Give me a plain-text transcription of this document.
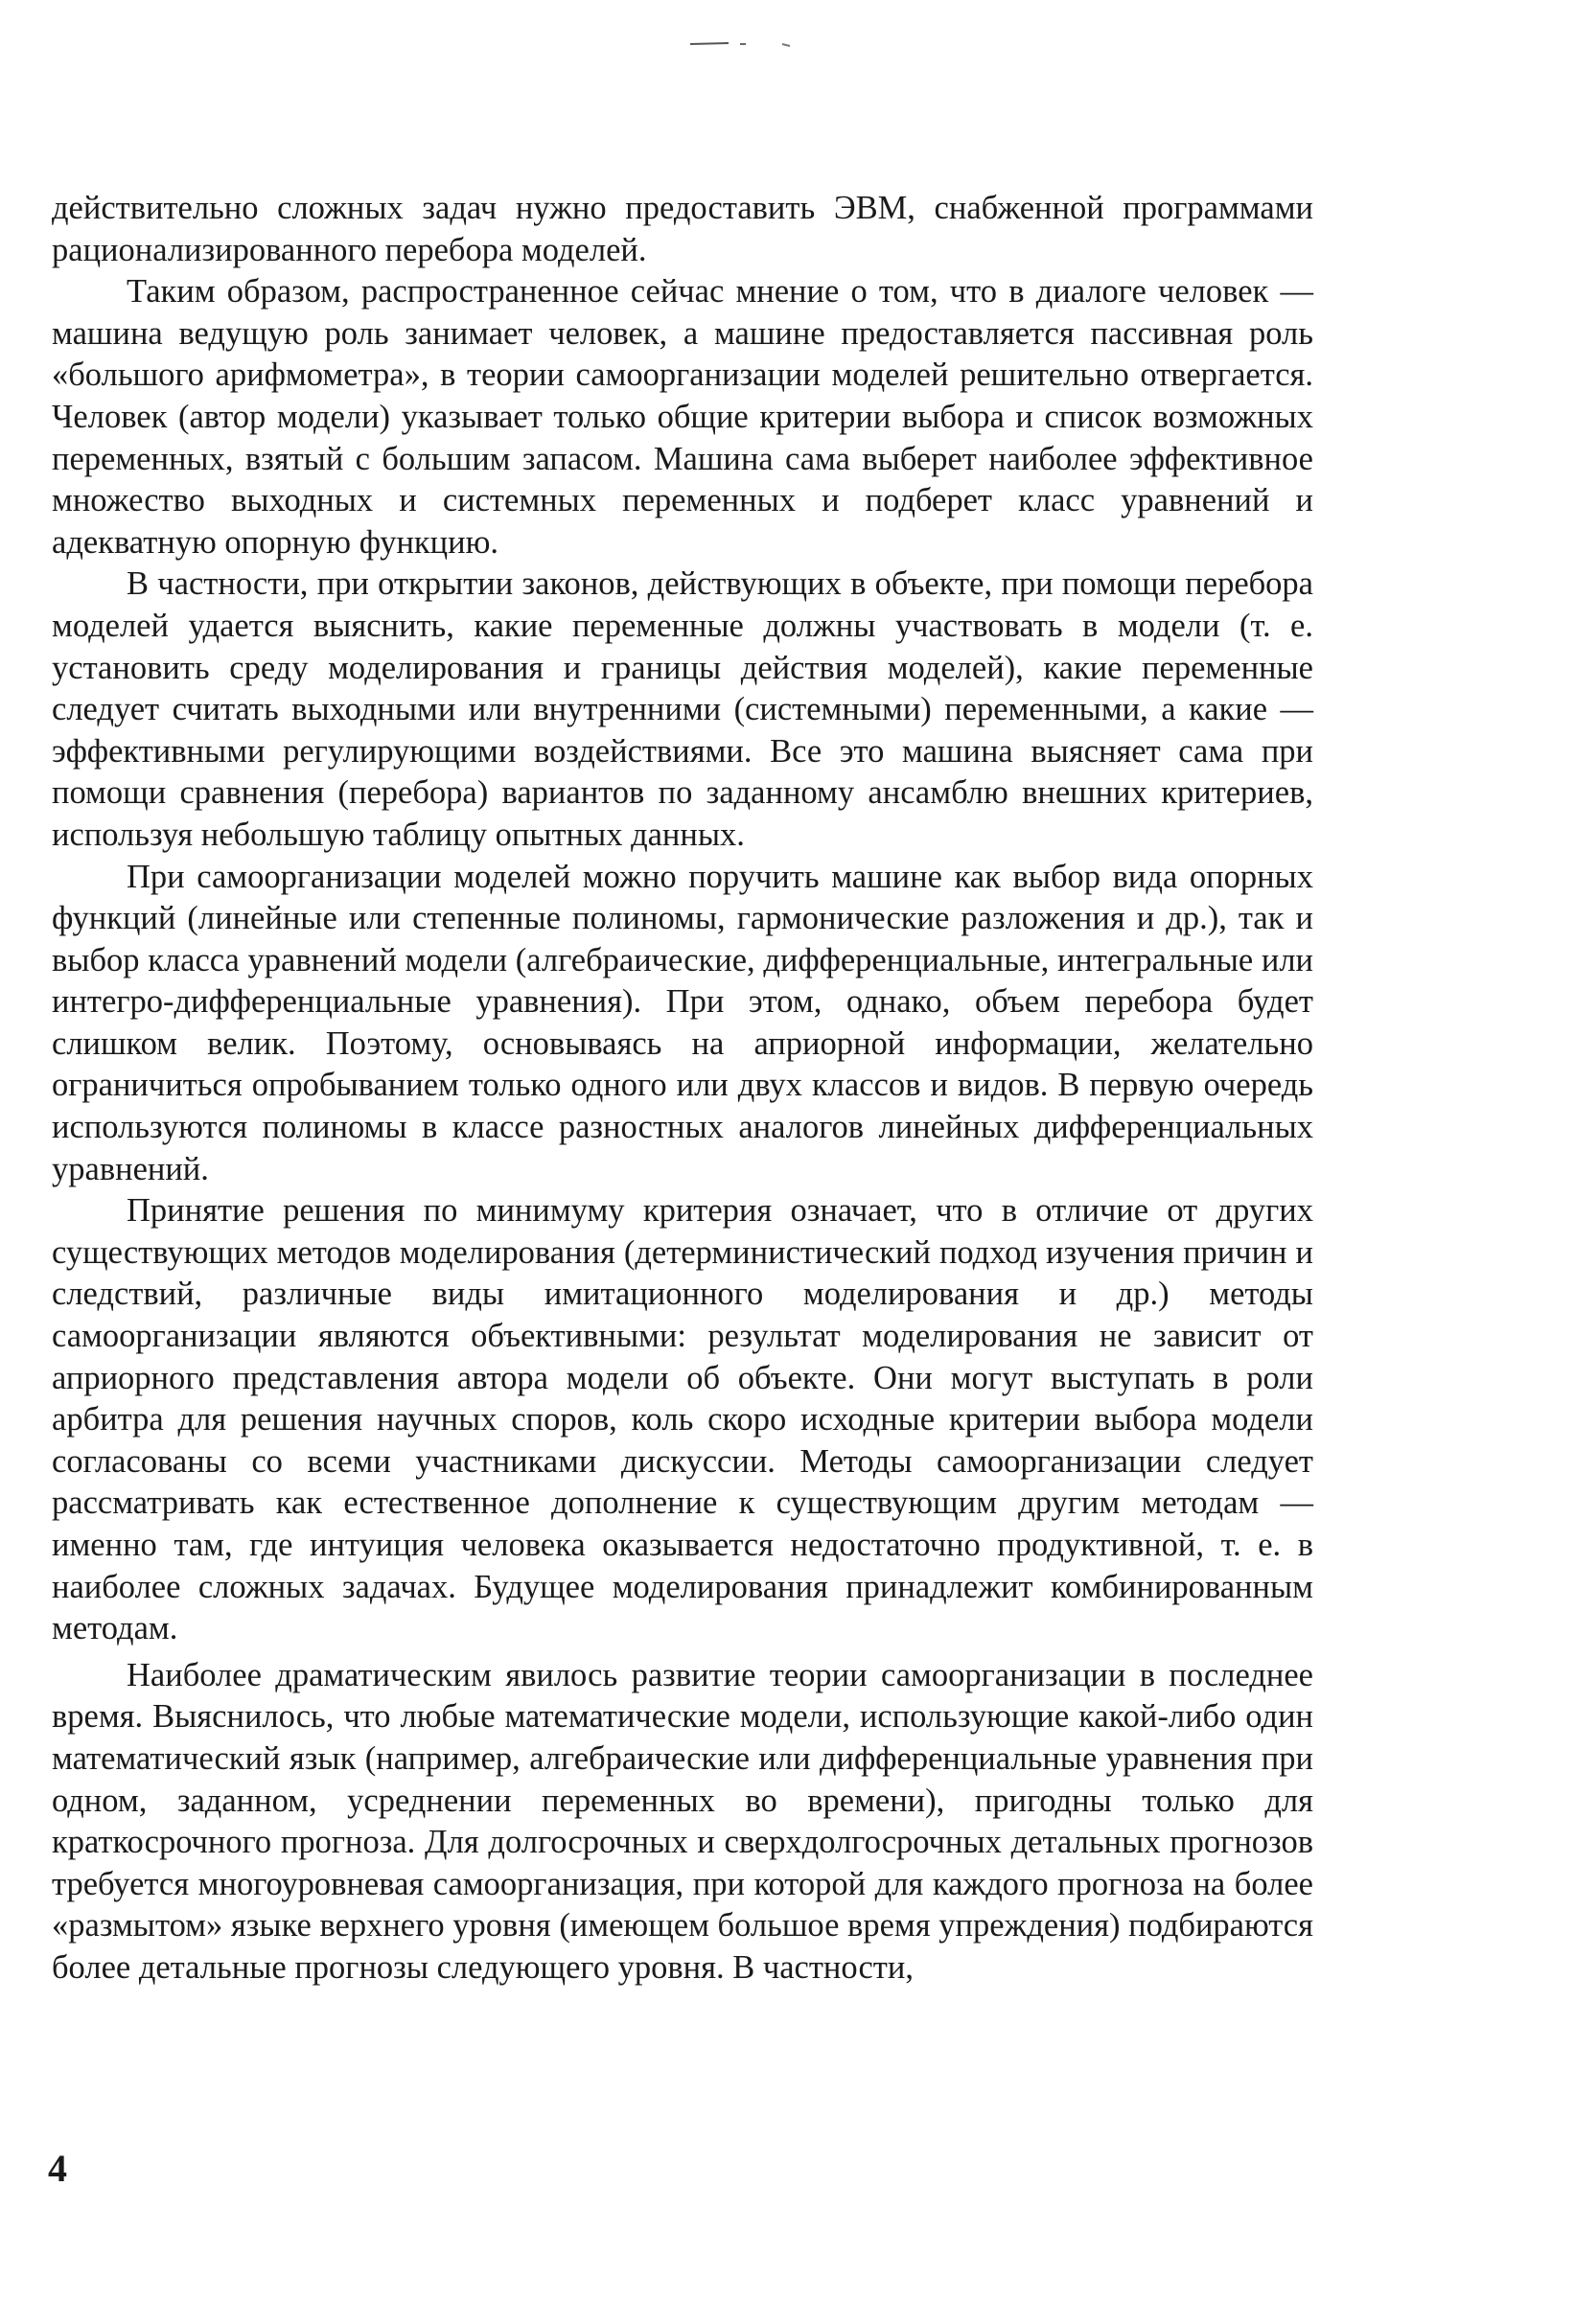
действительно сложных задач нужно предоставить ЭВМ, снабженной программами рационализированного перебора моделей.

Таким образом, распространенное сейчас мнение о том, что в диалоге человек — машина ведущую роль занимает человек, а машине предоставляется пассивная роль «большого арифмометра», в теории самоорганизации моделей решительно отвергается. Человек (автор модели) указывает только общие критерии выбора и список возможных переменных, взятый с большим запасом. Машина сама выберет наиболее эффективное множество выходных и системных переменных и подберет класс уравнений и адекватную опорную функцию.

В частности, при открытии законов, действующих в объекте, при помощи перебора моделей удается выяснить, какие переменные должны участвовать в модели (т. е. установить среду моделирования и границы действия моделей), какие переменные следует считать выходными или внутренними (системными) переменными, а какие — эффективными регулирующими воздействиями. Все это машина выясняет сама при помощи сравнения (перебора) вариантов по заданному ансамблю внешних критериев, используя небольшую таблицу опытных данных.

При самоорганизации моделей можно поручить машине как выбор вида опорных функций (линейные или степенные полиномы, гармонические разложения и др.), так и выбор класса уравнений модели (алгебраические, дифференциальные, интегральные или интегро-дифференциальные уравнения). При этом, однако, объем перебора будет слишком велик. Поэтому, основываясь на априорной информации, желательно ограничиться опробыванием только одного или двух классов и видов. В первую очередь используются полиномы в классе разностных аналогов линейных дифференциальных уравнений.

Принятие решения по минимуму критерия означает, что в отличие от других существующих методов моделирования (детерминистический подход изучения причин и следствий, различные виды имитационного моделирования и др.) методы самоорганизации являются объективными: результат моделирования не зависит от априорного представления автора модели об объекте. Они могут выступать в роли арбитра для решения научных споров, коль скоро исходные критерии выбора модели согласованы со всеми участниками дискуссии. Методы самоорганизации следует рассматривать как естественное дополнение к существующим другим методам — именно там, где интуиция человека оказывается недостаточно продуктивной, т. е. в наиболее сложных задачах. Будущее моделирования принадлежит комбинированным методам.

Наиболее драматическим явилось развитие теории самоорганизации в последнее время. Выяснилось, что любые математические модели, использующие какой-либо один математический язык (например, алгебраические или дифференциальные уравнения при одном, заданном, усреднении переменных во времени), пригодны только для краткосрочного прогноза. Для долгосрочных и сверхдолгосрочных детальных прогнозов требуется многоуровневая самоорганизация, при которой для каждого прогноза на более «размытом» языке верхнего уровня (имеющем большое время упреждения) подбираются более детальные прогнозы следующего уровня. В частности,

4
